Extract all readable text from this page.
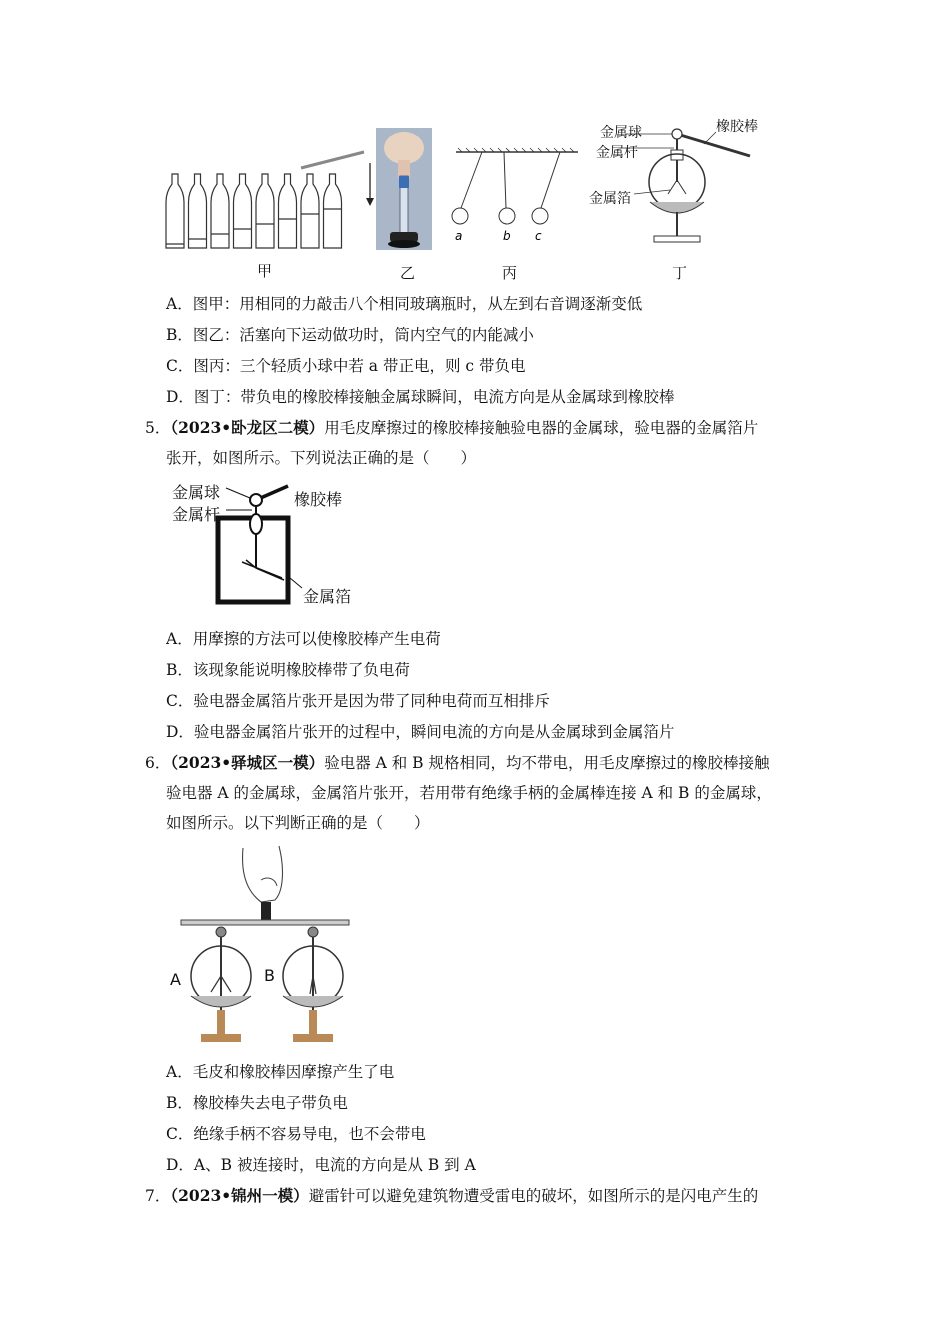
甲	乙
a	b c
丙
金属球
金属杆
金属箔
橡胶棒
丁
A．图甲：用相同的力敲击八个相同玻璃瓶时，从左到右音调逐渐变低
B．图乙：活塞向下运动做功时，筒内空气的内能减小
C．图丙：三个轻质小球中若 a 带正电，则 c 带负电
D．图丁：带负电的橡胶棒接触金属球瞬间，电流方向是从金属球到橡胶棒
5．（2023•卧龙区二模）用毛皮摩擦过的橡胶棒接触验电器的金属球，验电器的金属箔片
张开，如图所示。下列说法正确的是（　　）
金属球
金属杆
橡胶棒
金属箔
A．用摩擦的方法可以使橡胶棒产生电荷
B．该现象能说明橡胶棒带了负电荷
C．验电器金属箔片张开是因为带了同种电荷而互相排斥
D．验电器金属箔片张开的过程中，瞬间电流的方向是从金属球到金属箔片
6．（2023•驿城区一模）验电器 A 和 B 规格相同，均不带电，用毛皮摩擦过的橡胶棒接触
验电器 A 的金属球，金属箔片张开，若用带有绝缘手柄的金属棒连接 A 和 B 的金属球，
如图所示。以下判断正确的是（　　）
A	B
A．毛皮和橡胶棒因摩擦产生了电
B．橡胶棒失去电子带负电
C．绝缘手柄不容易导电，也不会带电
D．A、B 被连接时，电流的方向是从 B 到 A
7．（2023•锦州一模）避雷针可以避免建筑物遭受雷电的破坏，如图所示的是闪电产生的
